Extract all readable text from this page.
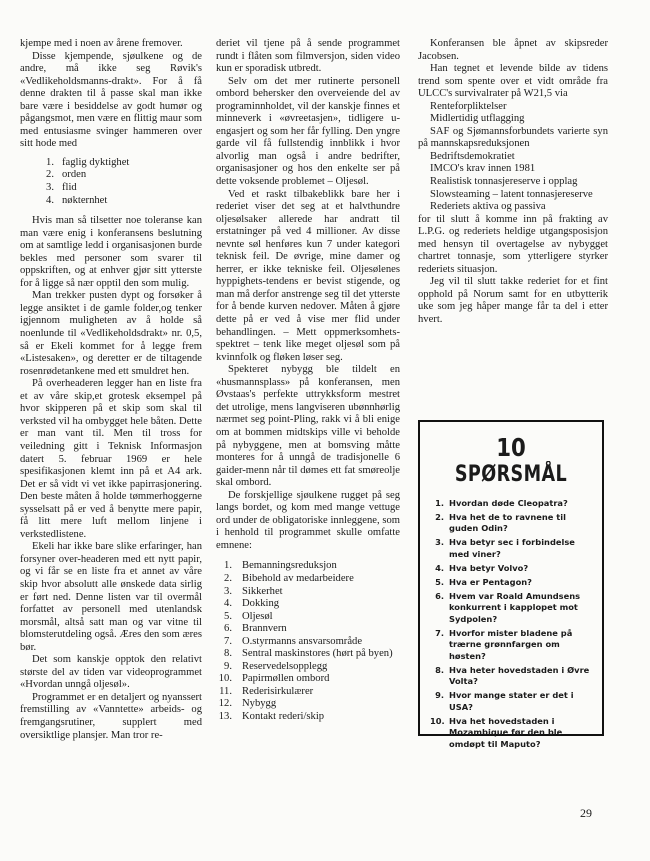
kjempe med i noen av årene fremover.

Disse kjempende, sjøulkene og de andre, må ikke seg Røvik's «Vedlikeholdsmanns-drakt». For å få denne drakten til å passe skal man ikke bare være i besiddelse av godt humør og pågangsmot, men være en flittig maur som med entusiasme svinger hammeren over sitt hode med

1. faglig dyktighet
2. orden
3. flid
4. nøkternhet

Hvis man så tilsetter noe toleranse kan man være enig i konferansens beslutning om at samtlige ledd i organisasjonen burde bekles med personer som svarer til oppskriften, og at enhver gjør sitt ytterste for å ligge så nær opptil den som mulig.

Man trekker pusten dypt og forsøker å legge ansiktet i de gamle folder,og tenker igjennom muligheten av å holde så noenlunde til «Vedlikeholdsdrakt» nr. 0,5, så er Ekeli kommet for å legge frem «Listesaken», og deretter er de tiltagende rosenrødetankene med ett smuldret hen.

På overheaderen legger han en liste fra et av våre skip,et grotesk eksempel på hvor skipperen på et skip som skal til verksted vil ha ombygget hele båten. Dette er man vant til. Men til tross for veiledning gitt i Teknisk Informasjon datert 5. februar 1969 er hele spesifikasjonen klemt inn på et A4 ark. Det er så vidt vi vet ikke papirrasjonering. Den beste måten å holde tømmerhoggerne sysselsatt på er ved å benytte mere papir, få litt mere luft mellom linjene i verkstedlistene.

Ekeli har ikke bare slike erfaringer, han forsyner over-headeren med ett nytt papir, og vi får se en liste fra et annet av våre skip hvor absolutt alle ønskede data sirlig er ført ned. Denne listen var til overmål forfattet av personell med utenlandsk morsmål, altså satt man og var vitne til blomsterutdeling også. Æres den som æres bør.

Det som kanskje opptok den relativt største del av tiden var videoprogrammet «Hvordan unngå oljesøl».

Programmet er en detaljert og nyanssert fremstilling av «Vanntette» arbeids- og fremgangsrutiner, supplert med oversiktlige plansjer. Man tror re-

deriet vil tjene på å sende programmet rundt i flåten som filmversjon, siden video kun er sporadisk utbredt.

Selv om det mer rutinerte personell ombord behersker den overveiende del av programinnholdet, vil der kanskje finnes et minneverk i «øvreetasjen», tidligere u-engasjert og som her får fylling. Den yngre garde vil få fullstendig innblikk i hvor alvorlig man også i andre bedrifter, organisasjoner og hos den enkelte ser på dette voksende problemet – Oljesøl.

Ved et raskt tilbakeblikk bare her i rederiet viser det seg at et halvthundre oljesølsaker allerede har andratt til erstatninger på ved 4 millioner. Av disse nevnte søl henføres kun 7 under kategori teknisk feil. De øvrige, mine damer og herrer, er ikke tekniske feil. Oljesølenes hyppighets-tendens er bevist stigende, og man må derfor anstrenge seg til det ytterste for å bende kurven nedover. Måten å gjøre dette på er ved å vise mer flid under behandlingen. – Mett oppmerksomhets-spektret – tenk like meget oljesøl som på kvinnfolk og fløken løser seg.

Spekteret nybygg ble tildelt en «husmannsplass» på konferansen, men Øvstaas's perfekte uttrykksform mestret det utrolige, mens langviseren ubønnhørlig nærmet seg point-Pling, rakk vi å bli enige om at bommen midtskips ville vi beholde på nybyggene, men at bomsving måtte monteres for å unngå de tradisjonelle 6 gaider-menn når til dømes ett fat smøreolje skal ombord.

De forskjellige sjøulkene rugget på seg langs bordet, og kom med mange vettuge ord under de obligatoriske innleggene, som i henhold til programmet skulle omfatte emnene:

1. Bemanningsreduksjon
2. Bibehold av medarbeidere
3. Sikkerhet
4. Dokking
5. Oljesøl
6. Brannvern
7. O.styrmanns ansvarsområde
8. Sentral maskinstores (hørt på byen)
9. Reservedelsopplegg
10. Papirmøllen ombord
11. Rederisirkulærer
12. Nybygg
13. Kontakt rederi/skip

Konferansen ble åpnet av skipsreder Jacobsen.

Han tegnet et levende bilde av tidens trend som spente over et vidt område fra ULCC's survivalrater på W21,5 via

Renteforpliktelser

Midlertidig utflagging

SAF og Sjømannsforbundets varierte syn på mannskapsreduksjonen

Bedriftsdemokratiet

IMCO's krav innen 1981

Realistisk tonnasjereserve i opplag

Slowsteaming – latent tonnasjereserve

Rederiets aktiva og passiva

for til slutt å komme inn på frakting av L.P.G. og rederiets heldige utgangsposisjon med hensyn til overtagelse av nybygget chartret tonnasje, som ytterligere styrker rederiets situasjon.

Jeg vil til slutt takke rederiet for et fint opphold på Norum samt for en utbytterik uke som jeg håper mange får ta del i etter hvert.

10
SPØRSMÅL
1. Hvordan døde Cleopatra?
2. Hva het de to ravnene til guden Odin?
3. Hva betyr sec i forbindelse med viner?
4. Hva betyr Volvo?
5. Hva er Pentagon?
6. Hvem var Roald Amundsens konkurrent i kapplopet mot Sydpolen?
7. Hvorfor mister bladene på trærne grønnfargen om høsten?
8. Hva heter hovedstaden i Øvre Volta?
9. Hvor mange stater er det i USA?
10. Hva het hovedstaden i Mozambique før den ble omdøpt til Maputo?
29
